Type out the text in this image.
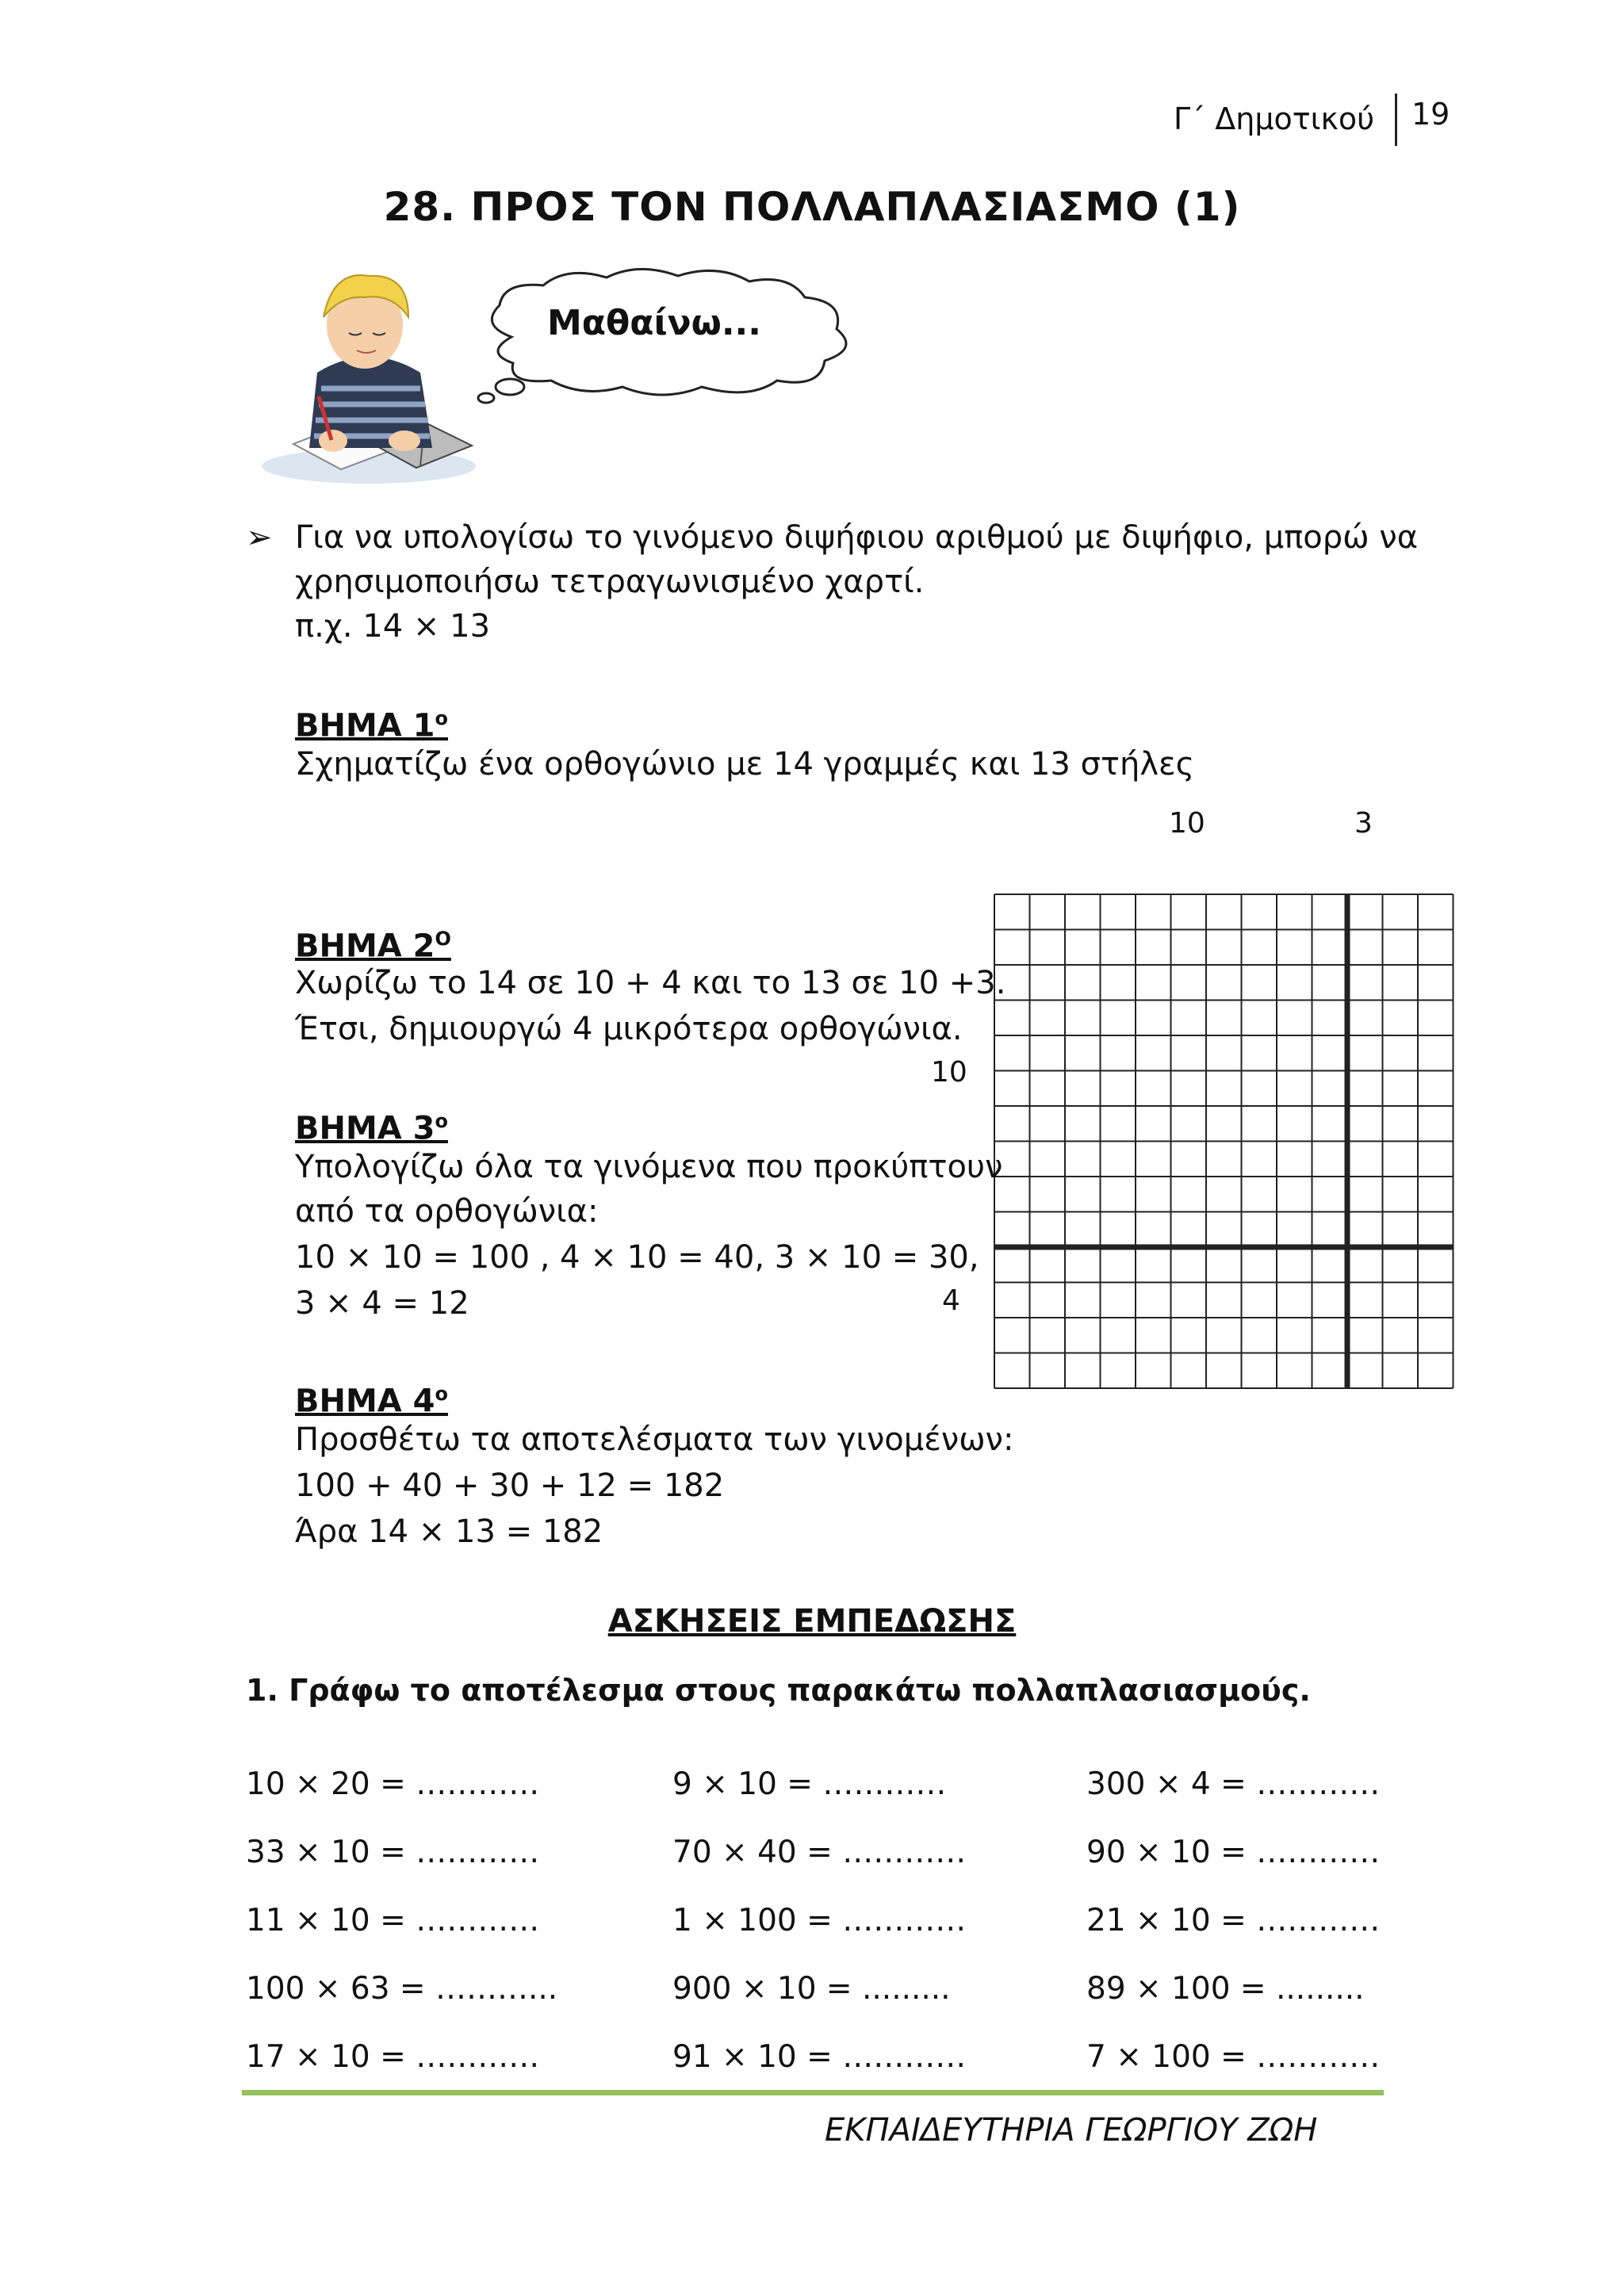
Γ΄ Δημοτικού 19
28. ΠΡΟΣ ΤΟΝ ΠΟΛΛΑΠΛΑΣΙΑΣΜΟ (1)
Μαθαίνω...
➢ Για να υπολογίσω το γινόμενο διψήφιου αριθμού με διψήφιο, μπορώ να
χρησιμοποιήσω τετραγωνισμένο χαρτί.
π.χ. 14 × 13
ΒΗΜΑ $1^o$
Σχηματίζω ένα ορθογώνιο με 14 γραμμές και 13 στήλες
10	3
10
4
ΒΗΜΑ $2^O$
Χωρίζω το 14 σε 10 + 4 και το 13 σε 10 +3.
Έτσι, δημιουργώ 4 μικρότερα ορθογώνια.
ΒΗΜΑ $3^o$
Υπολογίζω όλα τα γινόμενα που προκύπτουν
από τα ορθογώνια:
10 × 10 = 100 , 4 × 10 = 40, 3 × 10 = 30,
3 × 4 = 12
ΒΗΜΑ $4^o$
Προσθέτω τα αποτελέσματα των γινομένων:
100 + 40 + 30 + 12 = 182
Άρα 14 × 13 = 182
ΑΣΚΗΣΕΙΣ ΕΜΠΕΔΩΣΗΣ
1. Γράφω το αποτέλεσμα στους παρακάτω πολλαπλασιασμούς.
10 × 20 = …………	9 × 10 = …………	300 × 4 = …………
33 × 10 = …………	70 × 40 = …………	90 × 10 = …………
11 × 10 = …………	1 × 100 = …………	21 × 10 = …………
100 × 63 = ………...	900 × 10 = .........	89 × 100 = .........
17 × 10 = …………	91 × 10 = …………	7 × 100 = …………
ΕΚΠΑΙΔΕΥΤΗΡΙΑ ΓΕΩΡΓΙΟΥ ΖΩΗ
